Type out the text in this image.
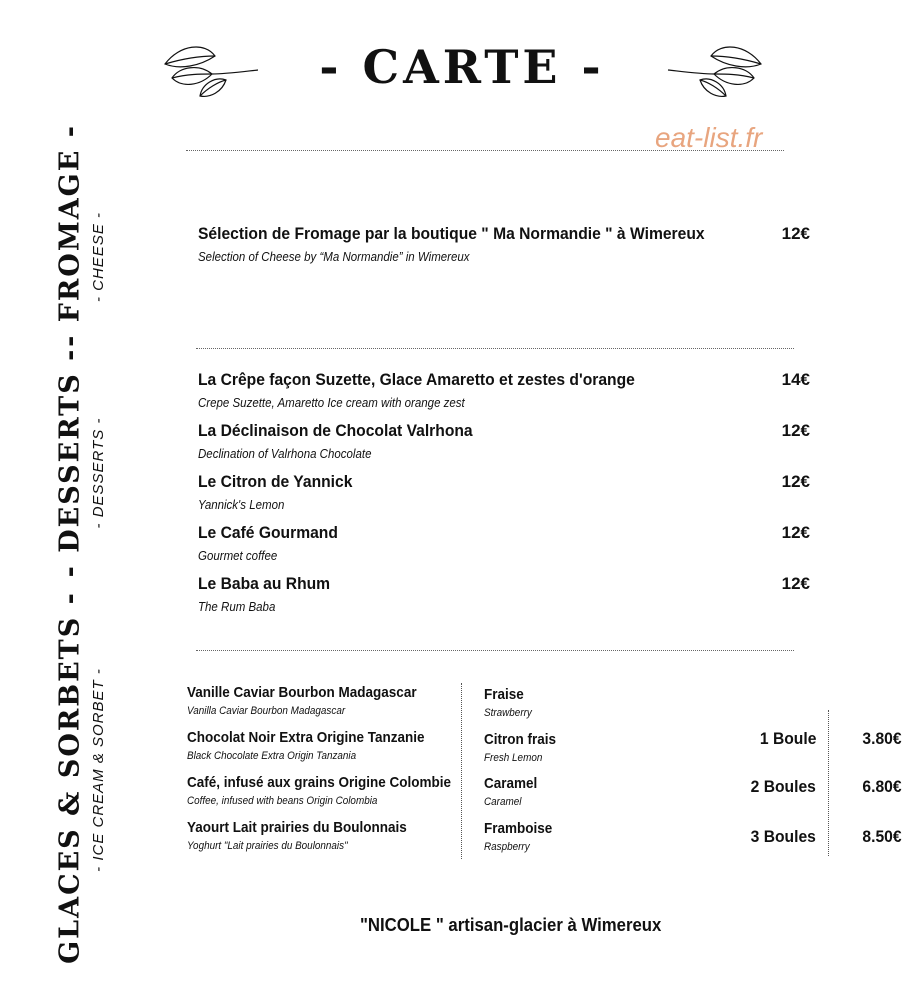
- CARTE -
eat-list.fr
- FROMAGE - - CHEESE -
- DESSERTS - - DESSERTS -
GLACES & SORBETS - - ICE CREAM & SORBET -
Sélection de Fromage par la boutique " Ma Normandie " à Wimereux
Selection of Cheese by “Ma Normandie” in Wimereux
12€
La Crêpe façon Suzette, Glace Amaretto et zestes d'orange
Crepe Suzette, Amaretto Ice cream with orange zest
14€
La Déclinaison de Chocolat Valrhona
Declination of Valrhona Chocolate
12€
Le Citron de Yannick
Yannick's Lemon
12€
Le Café Gourmand
Gourmet coffee
12€
Le Baba au Rhum
The Rum Baba
12€
Vanille Caviar Bourbon Madagascar
Vanilla Caviar Bourbon Madagascar
Chocolat Noir Extra Origine Tanzanie
Black Chocolate Extra Origin Tanzania
Café, infusé aux grains Origine Colombie
Coffee, infused with beans Origin Colombia
Yaourt Lait prairies du Boulonnais
Yoghurt "Lait prairies du Boulonnais"
Fraise
Strawberry
Citron frais
Fresh Lemon
Caramel
Caramel
Framboise
Raspberry
1 Boule
2 Boules
3 Boules
3.80€
6.80€
8.50€
"NICOLE " artisan-glacier à Wimereux
